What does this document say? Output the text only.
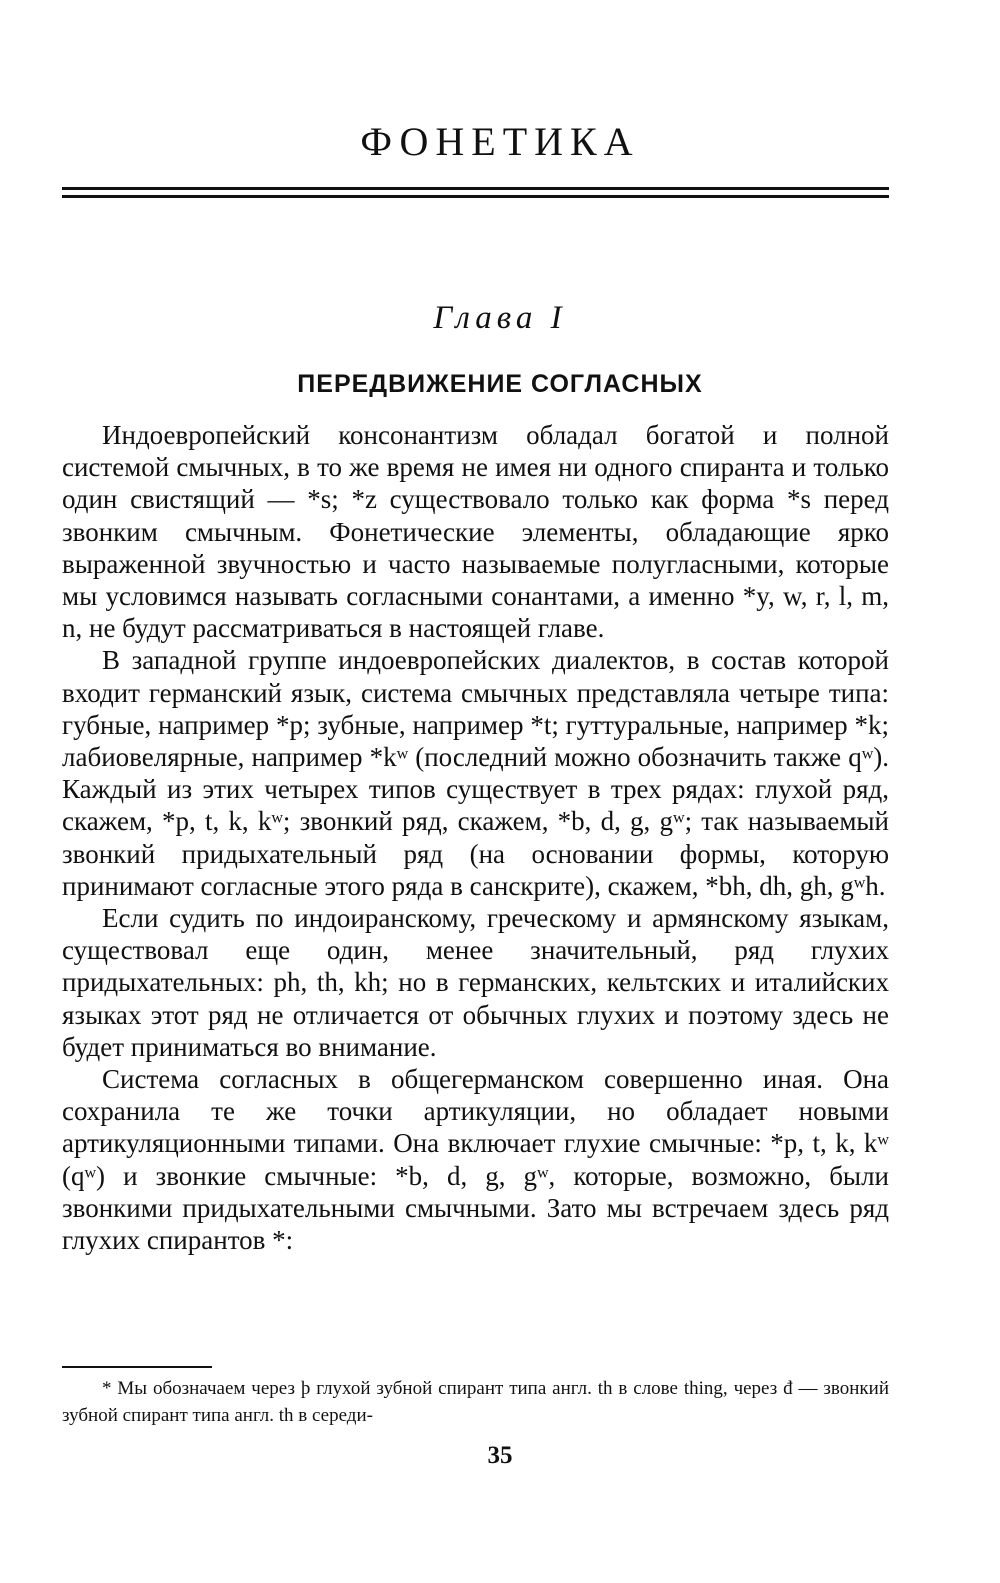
ФОНЕТИКА
Глава I
ПЕРЕДВИЖЕНИЕ СОГЛАСНЫХ

Индоевропейский консонантизм обладал богатой и полной системой смычных, в то же время не имея ни одного спиранта и только один свистящий — *s; *z существовало только как форма *s перед звонким смычным. Фонетические элементы, обладающие ярко выраженной звучностью и часто называемые полугласными, которые мы условимся называть согласными сонантами, а именно *y, w, r, l, m, n, не будут рассматриваться в настоящей главе.

В западной группе индоевропейских диалектов, в состав которой входит германский язык, система смычных представляла четыре типа: губные, например *p; зубные, например *t; гуттуральные, например *k; лабиовелярные, например *kʷ (последний можно обозначить также qʷ). Каждый из этих четырех типов существует в трех рядах: глухой ряд, скажем, *p, t, k, kʷ; звонкий ряд, скажем, *b, d, g, gʷ; так называемый звонкий придыхательный ряд (на основании формы, которую принимают согласные этого ряда в санскрите), скажем, *bh, dh, gh, gʷh.

Если судить по индоиранскому, греческому и армянскому языкам, существовал еще один, менее значительный, ряд глухих придыхательных: ph, th, kh; но в германских, кельтских и италийских языках этот ряд не отличается от обычных глухих и поэтому здесь не будет приниматься во внимание.

Система согласных в общегерманском совершенно иная. Она сохранила те же точки артикуляции, но обладает новыми артикуляционными типами. Она включает глухие смычные: *p, t, k, kʷ (qʷ) и звонкие смычные: *b, d, g, gʷ, которые, возможно, были звонкими придыхательными смычными. Зато мы встречаем здесь ряд глухих спирантов *:

* Мы обозначаем через þ глухой зубной спирант типа англ. th в слове thing, через đ — звонкий зубной спирант типа англ. th в середи-

35
